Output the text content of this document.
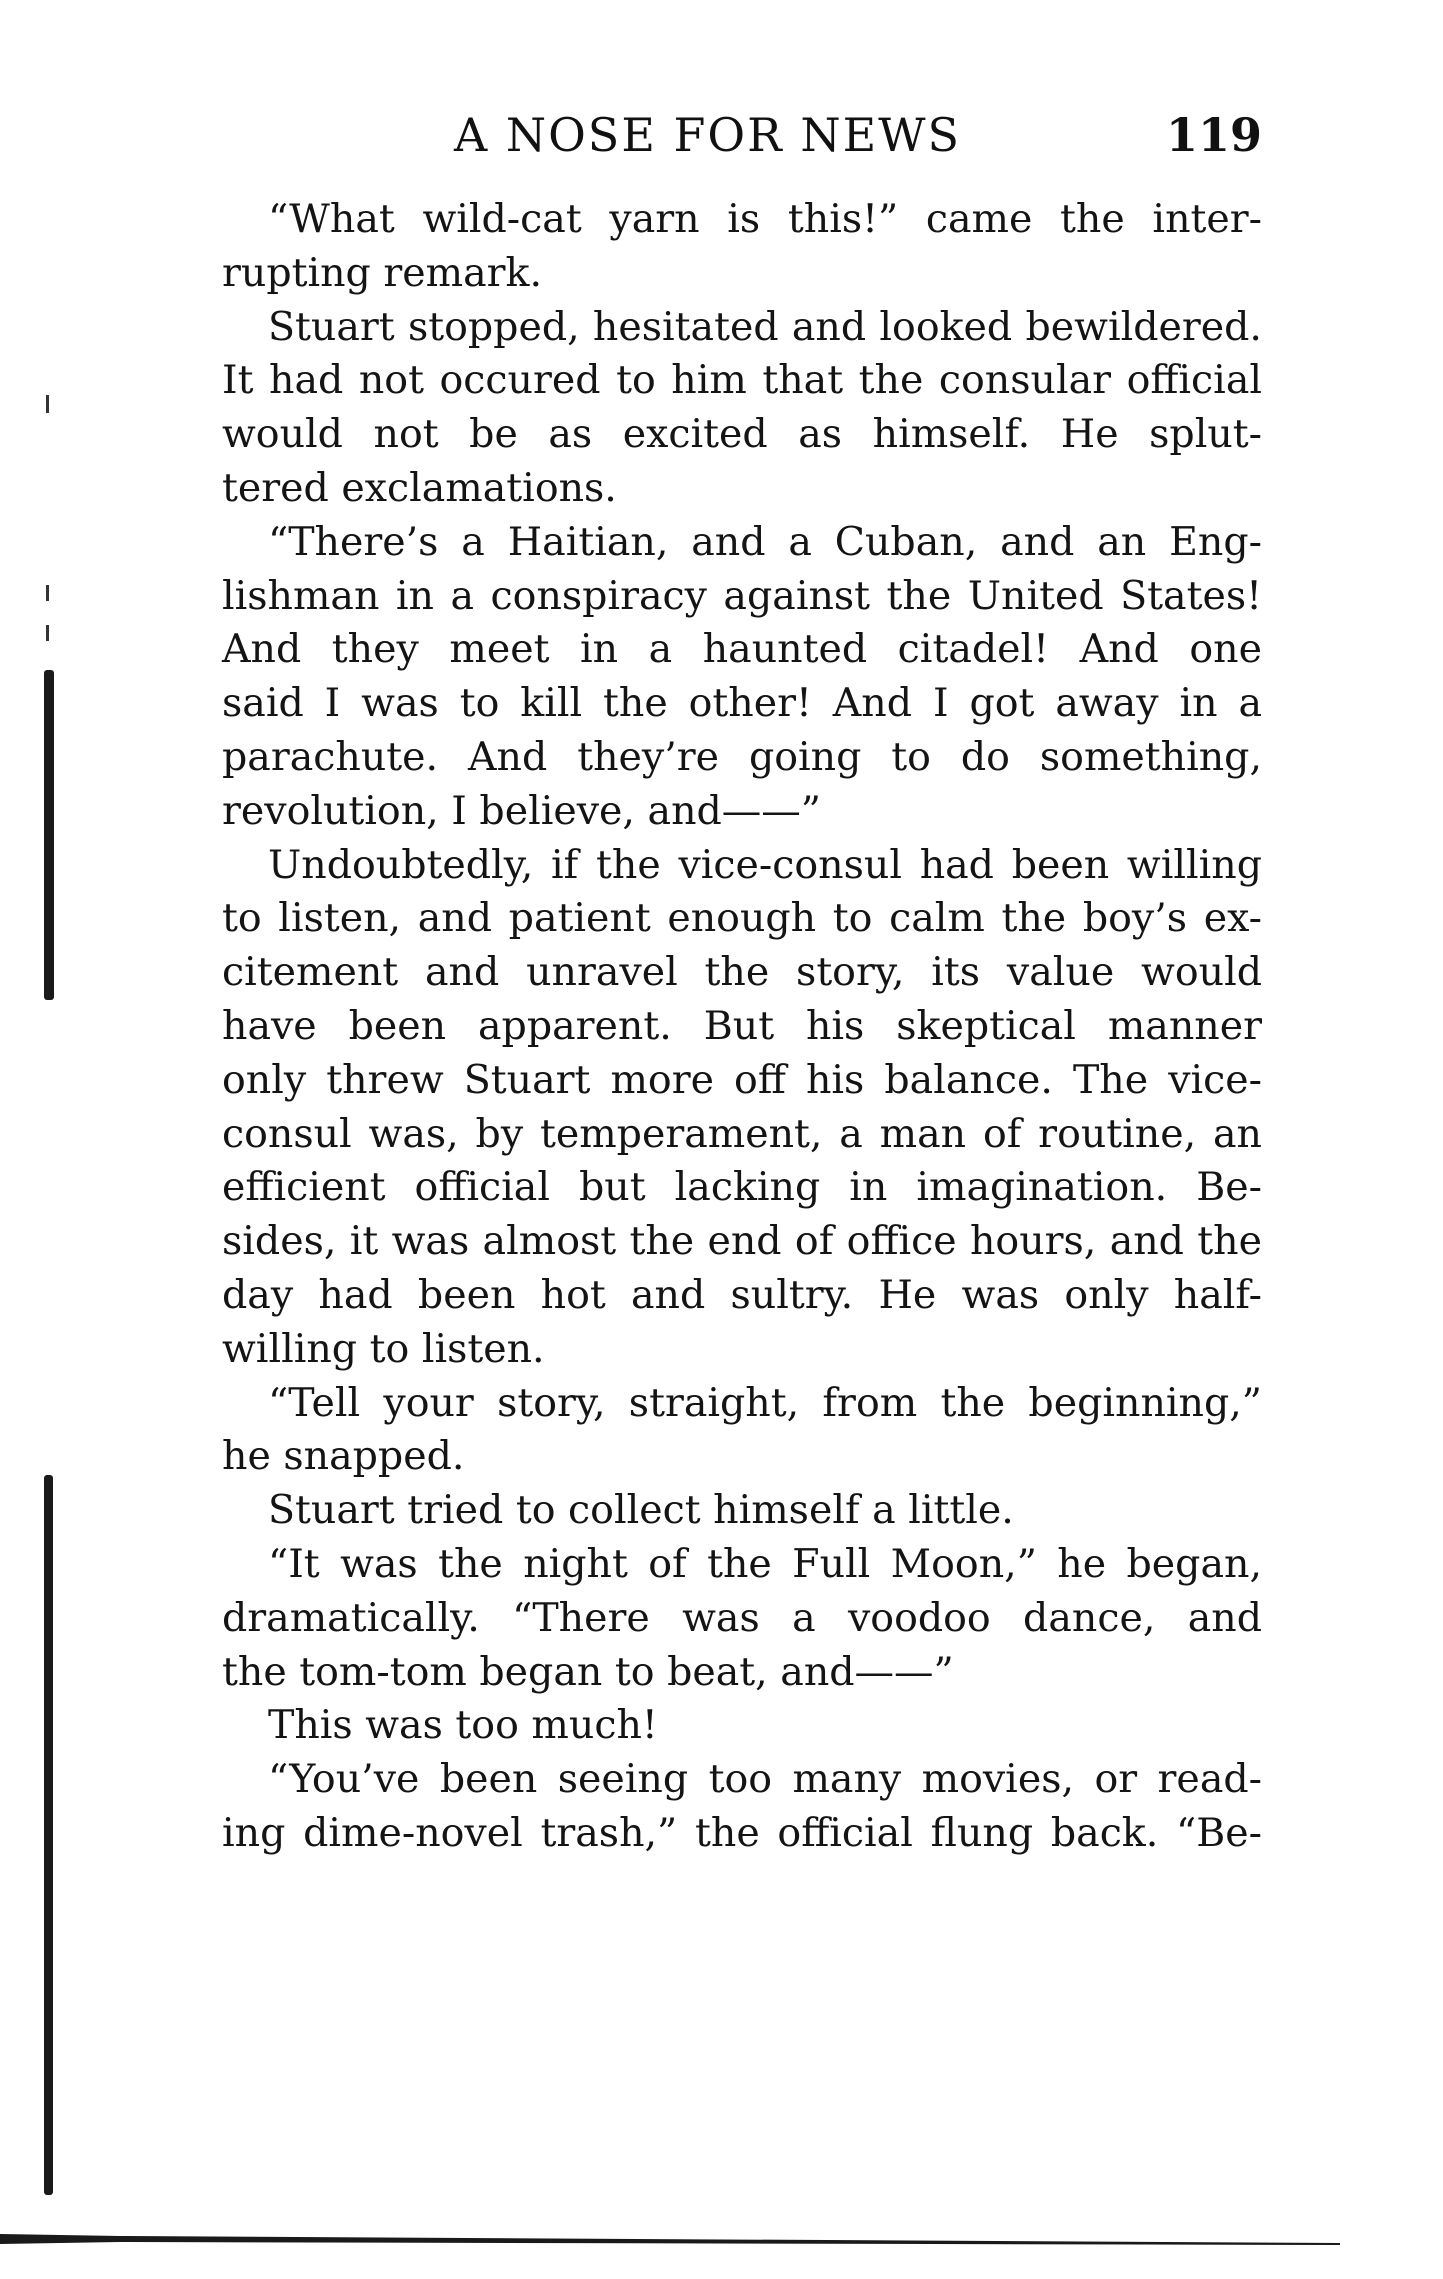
A NOSE FOR NEWS	119
“What wild-cat yarn is this!” came the inter-
rupting remark.
Stuart stopped, hesitated and looked bewildered.
It had not occured to him that the consular official
would not be as excited as himself. He splut-
tered exclamations.
“There’s a Haitian, and a Cuban, and an Eng-
lishman in a conspiracy against the United States!
And they meet in a haunted citadel! And one
said I was to kill the other! And I got away in a
parachute. And they’re going to do something,
revolution, I believe, and——”
Undoubtedly, if the vice-consul had been willing
to listen, and patient enough to calm the boy’s ex-
citement and unravel the story, its value would
have been apparent. But his skeptical manner
only threw Stuart more off his balance. The vice-
consul was, by temperament, a man of routine, an
efficient official but lacking in imagination. Be-
sides, it was almost the end of office hours, and the
day had been hot and sultry. He was only half-
willing to listen.
“Tell your story, straight, from the beginning,”
he snapped.
Stuart tried to collect himself a little.
“It was the night of the Full Moon,” he began,
dramatically. “There was a voodoo dance, and
the tom-tom began to beat, and——”
This was too much!
“You’ve been seeing too many movies, or read-
ing dime-novel trash,” the official flung back. “Be-
